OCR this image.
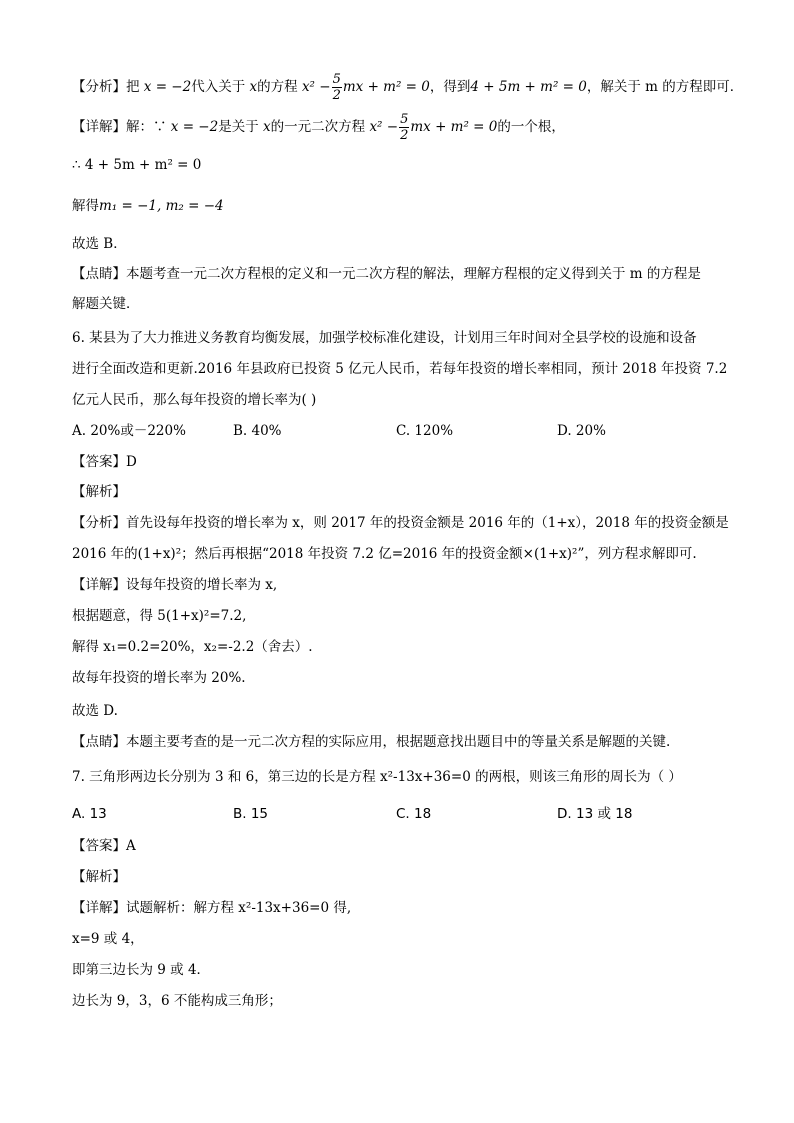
【分析】把 x = −2代入关于 x的方程 $x^2 - \frac{5}{2}$ mx + m² = 0，得到4 + 5m + m² = 0，解关于 m 的方程即可．
【详解】解：∵ x = −2是关于 x的一元二次方程 $x^2 - \frac{5}{2}$ mx + m² = 0的一个根，
∴ 4 + 5m + m² = 0
解得m₁ = −1, m₂ = −4
故选 B．
【点睛】本题考查一元二次方程根的定义和一元二次方程的解法，理解方程根的定义得到关于 m 的方程是
解题关键．
6. 某县为了大力推进义务教育均衡发展，加强学校标准化建设，计划用三年时间对全县学校的设施和设备
进行全面改造和更新.2016 年县政府已投资 5 亿元人民币，若每年投资的增长率相同，预计 2018 年投资 7.2
亿元人民币，那么每年投资的增长率为( )
A. 20%或－220%	B. 40%	C. 120%	D. 20%
【答案】D
【解析】
【分析】首先设每年投资的增长率为 x，则 2017 年的投资金额是 2016 年的（1+x），2018 年的投资金额是
2016 年的(1+x)²；然后再根据“2018 年投资 7.2 亿=2016 年的投资金额×(1+x)²”，列方程求解即可.
【详解】设每年投资的增长率为 x,
根据题意，得 5(1+x)²=7.2,
解得 x₁=0.2=20%，x₂=-2.2（舍去）.
故每年投资的增长率为 20%.
故选 D.
【点睛】本题主要考查的是一元二次方程的实际应用，根据题意找出题目中的等量关系是解题的关键.
7. 三角形两边长分别为 3 和 6，第三边的长是方程 x²-13x+36=0 的两根，则该三角形的周长为（ ）
A. 13	B. 15	C. 18	D. 13 或 18
【答案】A
【解析】
【详解】试题解析：解方程 x²-13x+36=0 得,
x=9 或 4，
即第三边长为 9 或 4．
边长为 9，3，6 不能构成三角形；
